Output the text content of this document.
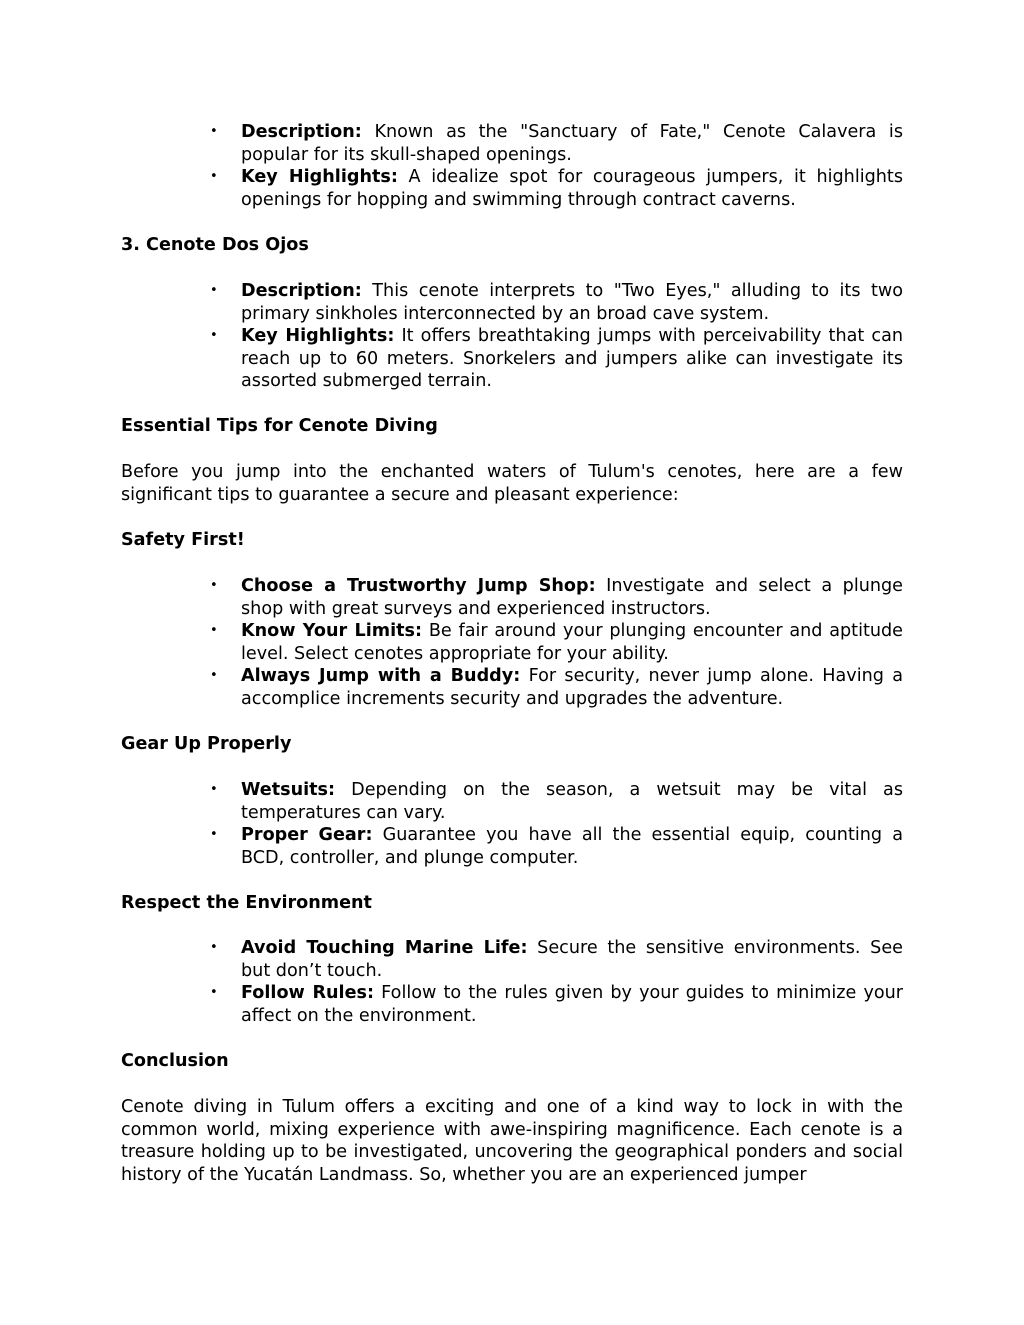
• Description: Known as the "Sanctuary of Fate," Cenote Calavera is popular for its skull-shaped openings.
• Key Highlights: A idealize spot for courageous jumpers, it highlights openings for hopping and swimming through contract caverns.

3. Cenote Dos Ojos

• Description: This cenote interprets to "Two Eyes," alluding to its two primary sinkholes interconnected by an broad cave system.
• Key Highlights: It offers breathtaking jumps with perceivability that can reach up to 60 meters. Snorkelers and jumpers alike can investigate its assorted submerged terrain.

Essential Tips for Cenote Diving

Before you jump into the enchanted waters of Tulum's cenotes, here are a few significant tips to guarantee a secure and pleasant experience:

Safety First!

• Choose a Trustworthy Jump Shop: Investigate and select a plunge shop with great surveys and experienced instructors.
• Know Your Limits: Be fair around your plunging encounter and aptitude level. Select cenotes appropriate for your ability.
• Always Jump with a Buddy: For security, never jump alone. Having a accomplice increments security and upgrades the adventure.

Gear Up Properly

• Wetsuits: Depending on the season, a wetsuit may be vital as temperatures can vary.
• Proper Gear: Guarantee you have all the essential equip, counting a BCD, controller, and plunge computer.

Respect the Environment

• Avoid Touching Marine Life: Secure the sensitive environments. See but don’t touch.
• Follow Rules: Follow to the rules given by your guides to minimize your affect on the environment.

Conclusion

Cenote diving in Tulum offers a exciting and one of a kind way to lock in with the common world, mixing experience with awe-inspiring magnificence. Each cenote is a treasure holding up to be investigated, uncovering the geographical ponders and social history of the Yucatán Landmass. So, whether you are an experienced jumper
